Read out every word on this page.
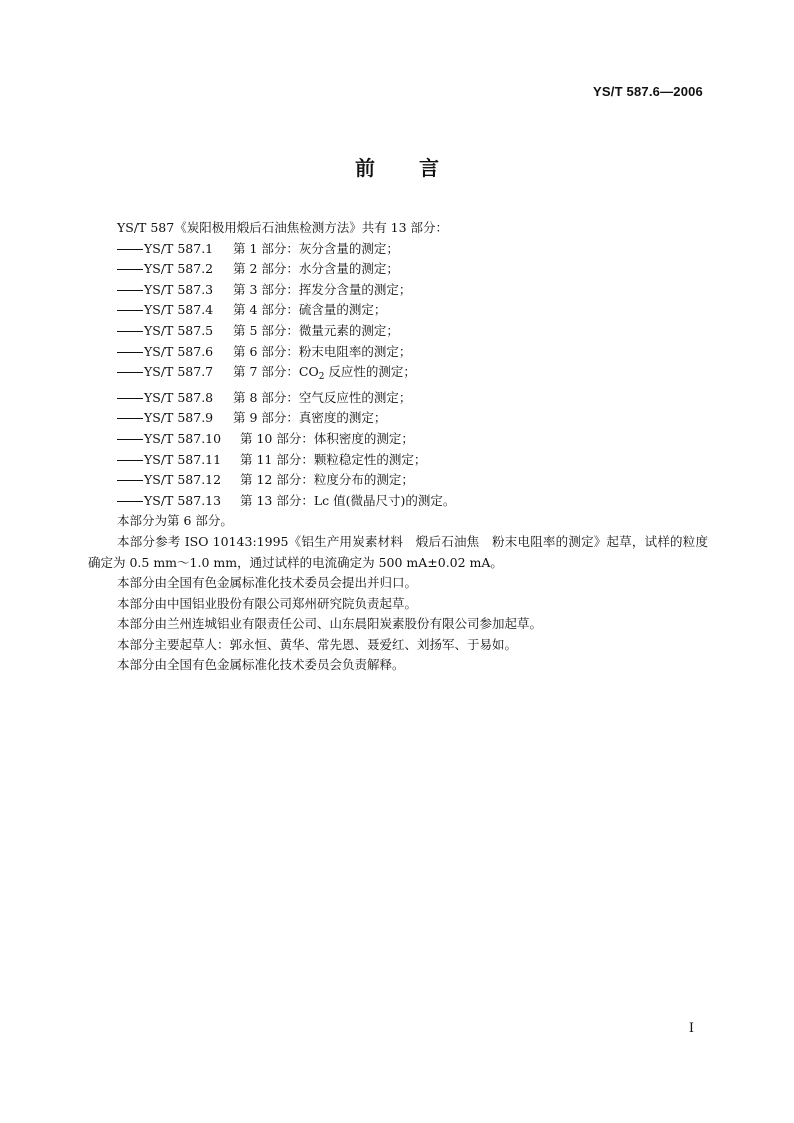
YS/T 587.6—2006
前 言

YS/T 587《炭阳极用煅后石油焦检测方法》共有 13 部分：

YS/T 587.1 第 1 部分：灰分含量的测定；

YS/T 587.2 第 2 部分：水分含量的测定；

YS/T 587.3 第 3 部分：挥发分含量的测定；

YS/T 587.4 第 4 部分：硫含量的测定；

YS/T 587.5 第 5 部分：微量元素的测定；

YS/T 587.6 第 6 部分：粉末电阻率的测定；

YS/T 587.7 第 7 部分：$CO_2$ 反应性的测定；

YS/T 587.8 第 8 部分：空气反应性的测定；

YS/T 587.9 第 9 部分：真密度的测定；

YS/T 587.10 第 10 部分：体积密度的测定；

YS/T 587.11 第 11 部分：颗粒稳定性的测定；

YS/T 587.12 第 12 部分：粒度分布的测定；

YS/T 587.13 第 13 部分：Lc 值(微晶尺寸)的测定。

本部分为第 6 部分。

本部分参考 ISO 10143:1995《铝生产用炭素材料　煅后石油焦　粉末电阻率的测定》起草，试样的粒度确定为 0.5 mm～1.0 mm，通过试样的电流确定为 500 mA±0.02 mA。

本部分由全国有色金属标准化技术委员会提出并归口。

本部分由中国铝业股份有限公司郑州研究院负责起草。

本部分由兰州连城铝业有限责任公司、山东晨阳炭素股份有限公司参加起草。

本部分主要起草人：郭永恒、黄华、常先恩、聂爱红、刘扬军、于易如。

本部分由全国有色金属标准化技术委员会负责解释。

I
